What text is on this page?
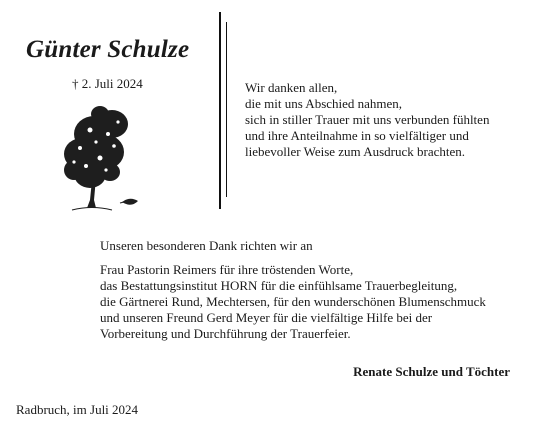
Günter Schulze
† 2. Juli 2024	Wir danken allen,
die mit uns Abschied nahmen,
sich in stiller Trauer mit uns verbunden fühlten
und ihre Anteilnahme in so vielfältiger und
liebevoller Weise zum Ausdruck brachten.
Unseren besonderen Dank richten wir an
Frau Pastorin Reimers für ihre tröstenden Worte,
das Bestattungsinstitut HORN für die einfühlsame Trauerbegleitung,
die Gärtnerei Rund, Mechtersen, für den wunderschönen Blumenschmuck
und unseren Freund Gerd Meyer für die vielfältige Hilfe bei der
Vorbereitung und Durchführung der Trauerfeier.
Renate Schulze und Töchter
Radbruch, im Juli 2024
